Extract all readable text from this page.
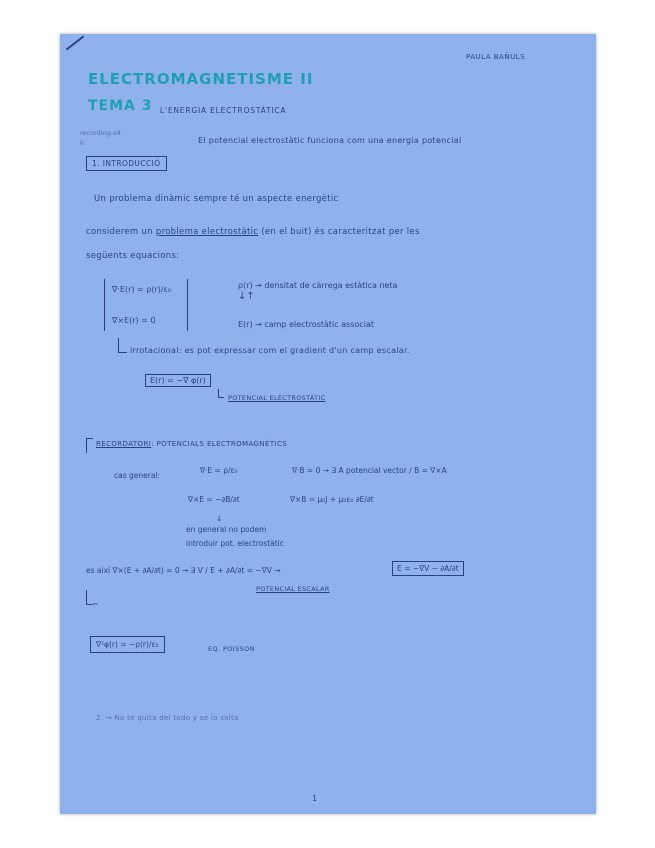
PAULA BAÑULS
ELECTROMAGNETISME II
TEMA 3 L'ENERGIA ELECTROSTÀTICA
recording-s4
6	El potencial electrostàtic funciona com una energia potencial
1. INTRODUCCIÓ
Un problema dinàmic sempre té un aspecte energètic
considerem un problema electrostàtic (en el buit) és caracteritzat per les
següents equacions:
∇·E(r) = ρ(r)/ε₀
∇×E(r) = 0
ρ(r) → densitat de càrrega estàtica neta
↓↑
E(r) → camp electrostàtic associat
irrotacional: es pot expressar com el gradient d'un camp escalar.
E(r) = −∇ φ(r)
POTENCIAL ELECTROSTÀTIC
RECORDATORI: POTENCIALS ELECTROMAGNÈTICS
cas general:
∇·E = ρ/ε₀	∇·B = 0 → ∃ A potencial vector / B = ∇×A
∇×E = −∂B/∂t	∇×B = μ₀J + μ₀ε₀ ∂E/∂t
↓
en general no podem
introduir pot. electrostàtic
es així ∇×(E + ∂A/∂t) = 0 → ∃ V / E + ∂A/∂t = −∇V →	E = −∇V − ∂A/∂t
POTENCIAL ESCALAR
⌐
∇²φ(r) = −ρ(r)/ε₀	EQ. POISSON
2. → No te quita del todo y se lo salta
1
